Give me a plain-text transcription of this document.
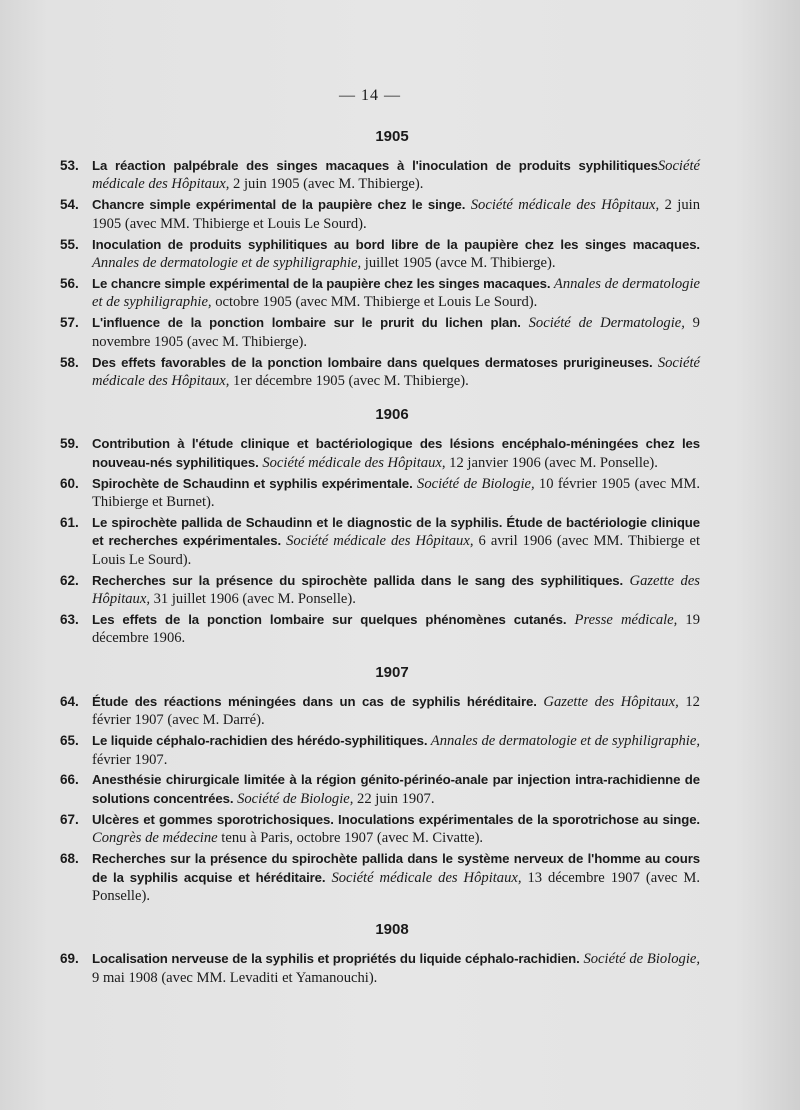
— 14 —
1905
53.	La réaction palpébrale des singes macaques à l'inoculation de produits syphilitiquesSociété médicale des Hôpitaux, 2 juin 1905 (avec M. Thibierge).
54.	Chancre simple expérimental de la paupière chez le singe. Société médicale des Hôpitaux, 2 juin 1905 (avec MM. Thibierge et Louis Le Sourd).
55.	Inoculation de produits syphilitiques au bord libre de la paupière chez les singes macaques. Annales de dermatologie et de syphiligraphie, juillet 1905 (avce M. Thibierge).
56.	Le chancre simple expérimental de la paupière chez les singes macaques. Annales de dermatologie et de syphiligraphie, octobre 1905 (avec MM. Thibierge et Louis Le Sourd).
57.	L'influence de la ponction lombaire sur le prurit du lichen plan. Société de Dermatologie, 9 novembre 1905 (avec M. Thibierge).
58.	Des effets favorables de la ponction lombaire dans quelques dermatoses prurigineuses. Société médicale des Hôpitaux, 1er décembre 1905 (avec M. Thibierge).
1906
59.	Contribution à l'étude clinique et bactériologique des lésions encéphalo-méningées chez les nouveau-nés syphilitiques. Société médicale des Hôpitaux, 12 janvier 1906 (avec M. Ponselle).
60.	Spirochète de Schaudinn et syphilis expérimentale. Société de Biologie, 10 février 1905 (avec MM. Thibierge et Burnet).
61.	Le spirochète pallida de Schaudinn et le diagnostic de la syphilis. Étude de bactériologie clinique et recherches expérimentales. Société médicale des Hôpitaux, 6 avril 1906 (avec MM. Thibierge et Louis Le Sourd).
62.	Recherches sur la présence du spirochète pallida dans le sang des syphilitiques. Gazette des Hôpitaux, 31 juillet 1906 (avec M. Ponselle).
63.	Les effets de la ponction lombaire sur quelques phénomènes cutanés. Presse médicale, 19 décembre 1906.
1907
64.	Étude des réactions méningées dans un cas de syphilis héréditaire. Gazette des Hôpitaux, 12 février 1907 (avec M. Darré).
65.	Le liquide céphalo-rachidien des hérédo-syphilitiques. Annales de dermatologie et de syphiligraphie, février 1907.
66.	Anesthésie chirurgicale limitée à la région génito-périnéo-anale par injection intra-rachidienne de solutions concentrées. Société de Biologie, 22 juin 1907.
67.	Ulcères et gommes sporotrichosiques. Inoculations expérimentales de la sporotrichose au singe. Congrès de médecine tenu à Paris, octobre 1907 (avec M. Civatte).
68.	Recherches sur la présence du spirochète pallida dans le système nerveux de l'homme au cours de la syphilis acquise et héréditaire. Société médicale des Hôpitaux, 13 décembre 1907 (avec M. Ponselle).
1908
69.	Localisation nerveuse de la syphilis et propriétés du liquide céphalo-rachidien. Société de Biologie, 9 mai 1908 (avec MM. Levaditi et Yamanouchi).
